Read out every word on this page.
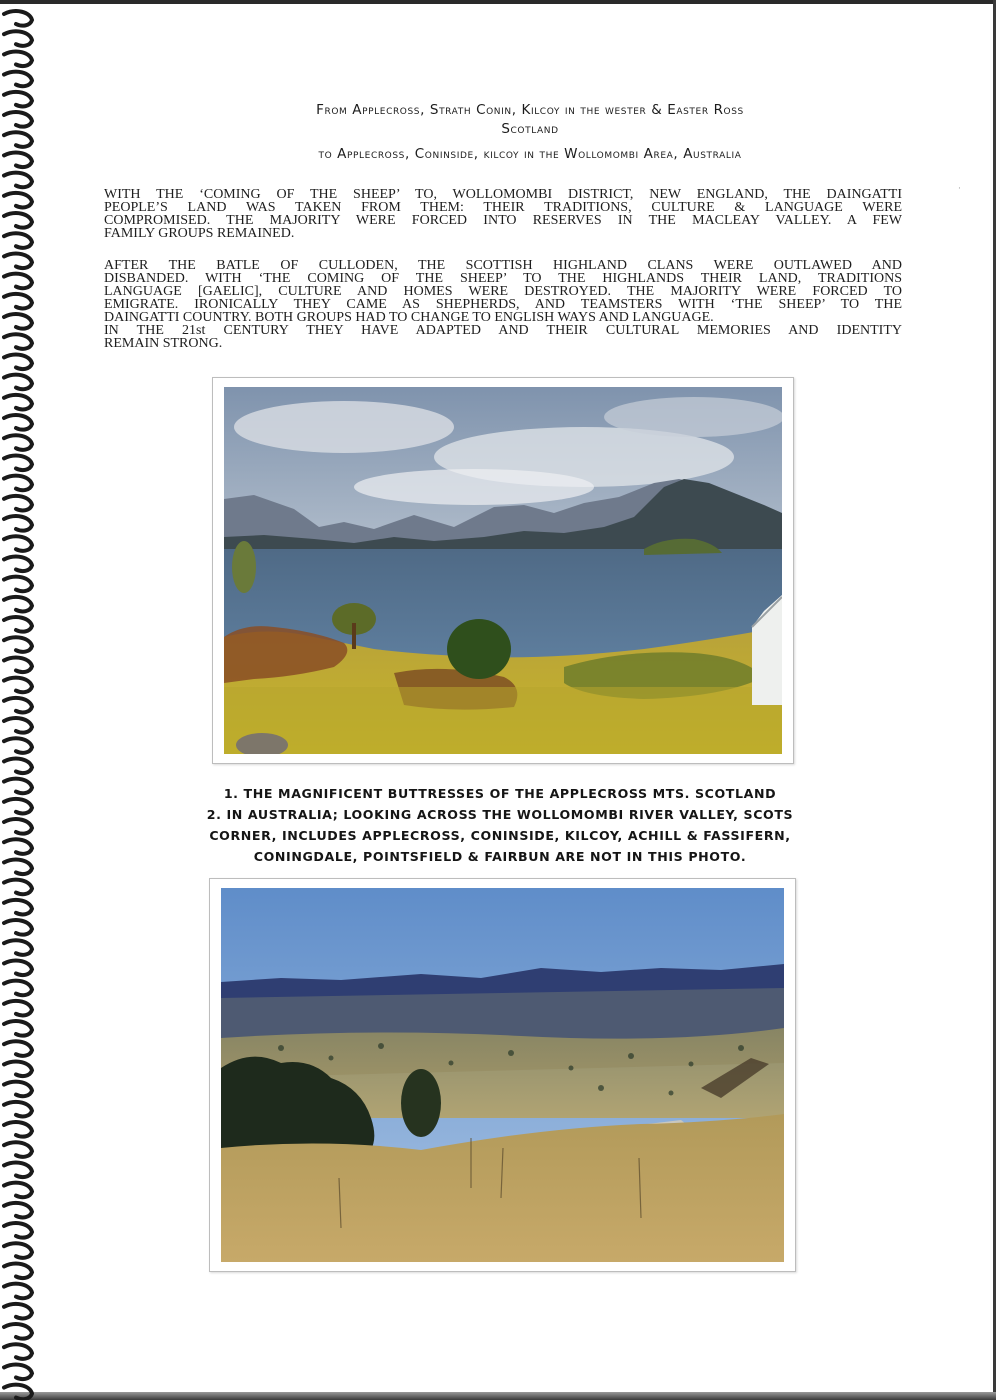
From Applecross, Strath Conin, Kilcoy in the wester & Easter Ross
Scotland
to Applecross, Coninside, kilcoy in the Wollomombi Area, Australia
WITH THE ‘COMING OF THE SHEEP’ TO, WOLLOMOMBI DISTRICT, NEW ENGLAND, THE DAINGATTI
PEOPLE’S LAND WAS TAKEN FROM THEM: THEIR TRADITIONS, CULTURE & LANGUAGE WERE
COMPROMISED. THE MAJORITY WERE FORCED INTO RESERVES IN THE MACLEAY VALLEY. A FEW
FAMILY GROUPS REMAINED.
AFTER THE BATLE OF CULLODEN, THE SCOTTISH HIGHLAND CLANS WERE OUTLAWED AND
DISBANDED. WITH ‘THE COMING OF THE SHEEP’ TO THE HIGHLANDS THEIR LAND, TRADITIONS
LANGUAGE [GAELIC], CULTURE AND HOMES WERE DESTROYED. THE MAJORITY WERE FORCED TO
EMIGRATE. IRONICALLY THEY CAME AS SHEPHERDS, AND TEAMSTERS WITH ‘THE SHEEP’ TO THE
DAINGATTI COUNTRY. BOTH GROUPS HAD TO CHANGE TO ENGLISH WAYS AND LANGUAGE.
IN THE 21st CENTURY THEY HAVE ADAPTED AND THEIR CULTURAL MEMORIES AND IDENTITY
REMAIN STRONG.
1. THE MAGNIFICENT BUTTRESSES OF THE APPLECROSS MTS. SCOTLAND
2. IN AUSTRALIA; LOOKING ACROSS THE WOLLOMOMBI RIVER VALLEY, SCOTS
CORNER, INCLUDES APPLECROSS, CONINSIDE, KILCOY, ACHILL & FASSIFERN,
CONINGDALE, POINTSFIELD & FAIRBUN ARE NOT IN THIS PHOTO.
·
